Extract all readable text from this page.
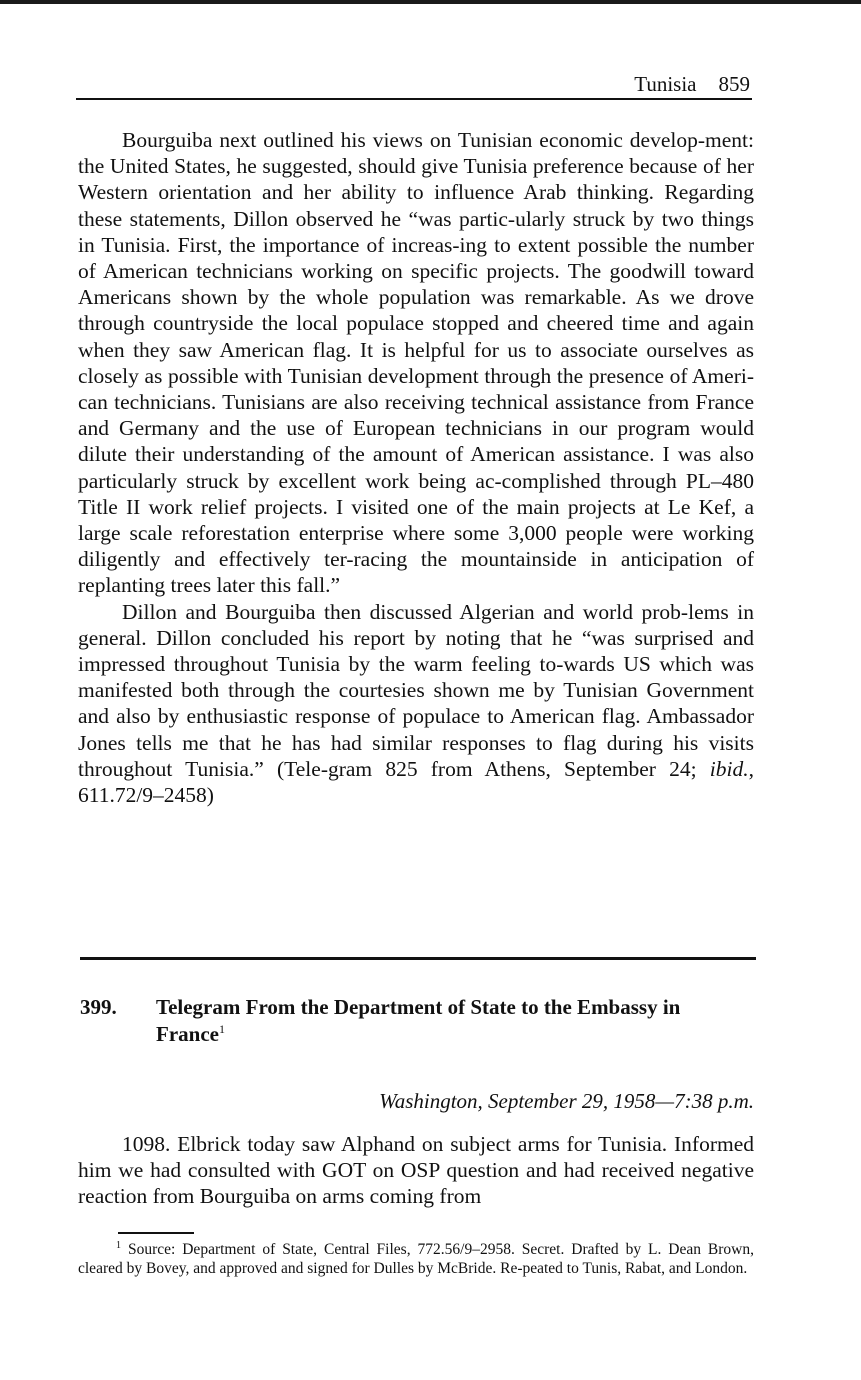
Tunisia 859

Bourguiba next outlined his views on Tunisian economic develop-ment: the United States, he suggested, should give Tunisia preference because of her Western orientation and her ability to influence Arab thinking. Regarding these statements, Dillon observed he “was partic-ularly struck by two things in Tunisia. First, the importance of increas-ing to extent possible the number of American technicians working on specific projects. The goodwill toward Americans shown by the whole population was remarkable. As we drove through countryside the local populace stopped and cheered time and again when they saw American flag. It is helpful for us to associate ourselves as closely as possible with Tunisian development through the presence of Ameri-can technicians. Tunisians are also receiving technical assistance from France and Germany and the use of European technicians in our program would dilute their understanding of the amount of American assistance. I was also particularly struck by excellent work being ac-complished through PL–480 Title II work relief projects. I visited one of the main projects at Le Kef, a large scale reforestation enterprise where some 3,000 people were working diligently and effectively ter-racing the mountainside in anticipation of replanting trees later this fall.”

Dillon and Bourguiba then discussed Algerian and world prob-lems in general. Dillon concluded his report by noting that he “was surprised and impressed throughout Tunisia by the warm feeling to-wards US which was manifested both through the courtesies shown me by Tunisian Government and also by enthusiastic response of populace to American flag. Ambassador Jones tells me that he has had similar responses to flag during his visits throughout Tunisia.” (Tele-gram 825 from Athens, September 24; ibid., 611.72/9–2458)

399. Telegram From the Department of State to the Embassy in France$^1$
Washington, September 29, 1958—7:38 p.m.

1098. Elbrick today saw Alphand on subject arms for Tunisia. Informed him we had consulted with GOT on OSP question and had received negative reaction from Bourguiba on arms coming from

$^1$ Source: Department of State, Central Files, 772.56/9–2958. Secret. Drafted by L. Dean Brown, cleared by Bovey, and approved and signed for Dulles by McBride. Re-peated to Tunis, Rabat, and London.
